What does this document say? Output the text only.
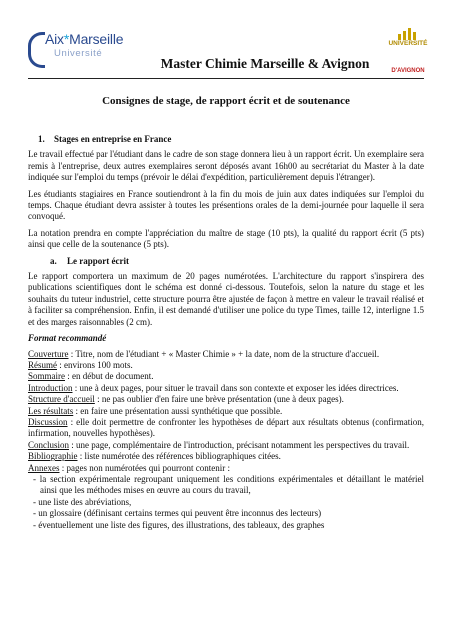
Aix*Marseille
Université
Master Chimie Marseille & Avignon
UNIVERSITÉ
D'AVIGNON
Consignes de stage, de rapport écrit et de soutenance

1. Stages en entreprise en France

Le travail effectué par l'étudiant dans le cadre de son stage donnera lieu à un rapport écrit. Un exemplaire sera remis à l'entreprise, deux autres exemplaires seront déposés avant 16h00 au secrétariat du Master à la date indiquée sur l'emploi du temps (prévoir le délai d'expédition, particulièrement depuis l'étranger).

Les étudiants stagiaires en France soutiendront à la fin du mois de juin aux dates indiquées sur l'emploi du temps. Chaque étudiant devra assister à toutes les présentions orales de la demi-journée pour laquelle il sera convoqué.

La notation prendra en compte l'appréciation du maître de stage (10 pts), la qualité du rapport écrit (5 pts) ainsi que celle de la soutenance (5 pts).

a. Le rapport écrit

Le rapport comportera un maximum de 20 pages numérotées. L'architecture du rapport s'inspirera des publications scientifiques dont le schéma est donné ci-dessous. Toutefois, selon la nature du stage et les souhaits du tuteur industriel, cette structure pourra être ajustée de façon à mettre en valeur le travail réalisé et à faciliter sa compréhension. Enfin, il est demandé d'utiliser une police du type Times, taille 12, interligne 1.5 et des marges raisonnables (2 cm).

Format recommandé

Couverture : Titre, nom de l'étudiant + « Master Chimie » + la date, nom de la structure d'accueil.

Résumé : environs 100 mots.

Sommaire : en début de document.

Introduction : une à deux pages, pour situer le travail dans son contexte et exposer les idées directrices.

Structure d'accueil : ne pas oublier d'en faire une brève présentation (une à deux pages).

Les résultats : en faire une présentation aussi synthétique que possible.

Discussion : elle doit permettre de confronter les hypothèses de départ aux résultats obtenus (confirmation, infirmation, nouvelles hypothèses).

Conclusion : une page, complémentaire de l'introduction, précisant notamment les perspectives du travail.

Bibliographie : liste numérotée des références bibliographiques citées.

Annexes : pages non numérotées qui pourront contenir :

- la section expérimentale regroupant uniquement les conditions expérimentales et détaillant le matériel ainsi que les méthodes mises en œuvre au cours du travail,

- une liste des abréviations,

- un glossaire (définisant certains termes qui peuvent être inconnus des lecteurs)

- éventuellement une liste des figures, des illustrations, des tableaux, des graphes
